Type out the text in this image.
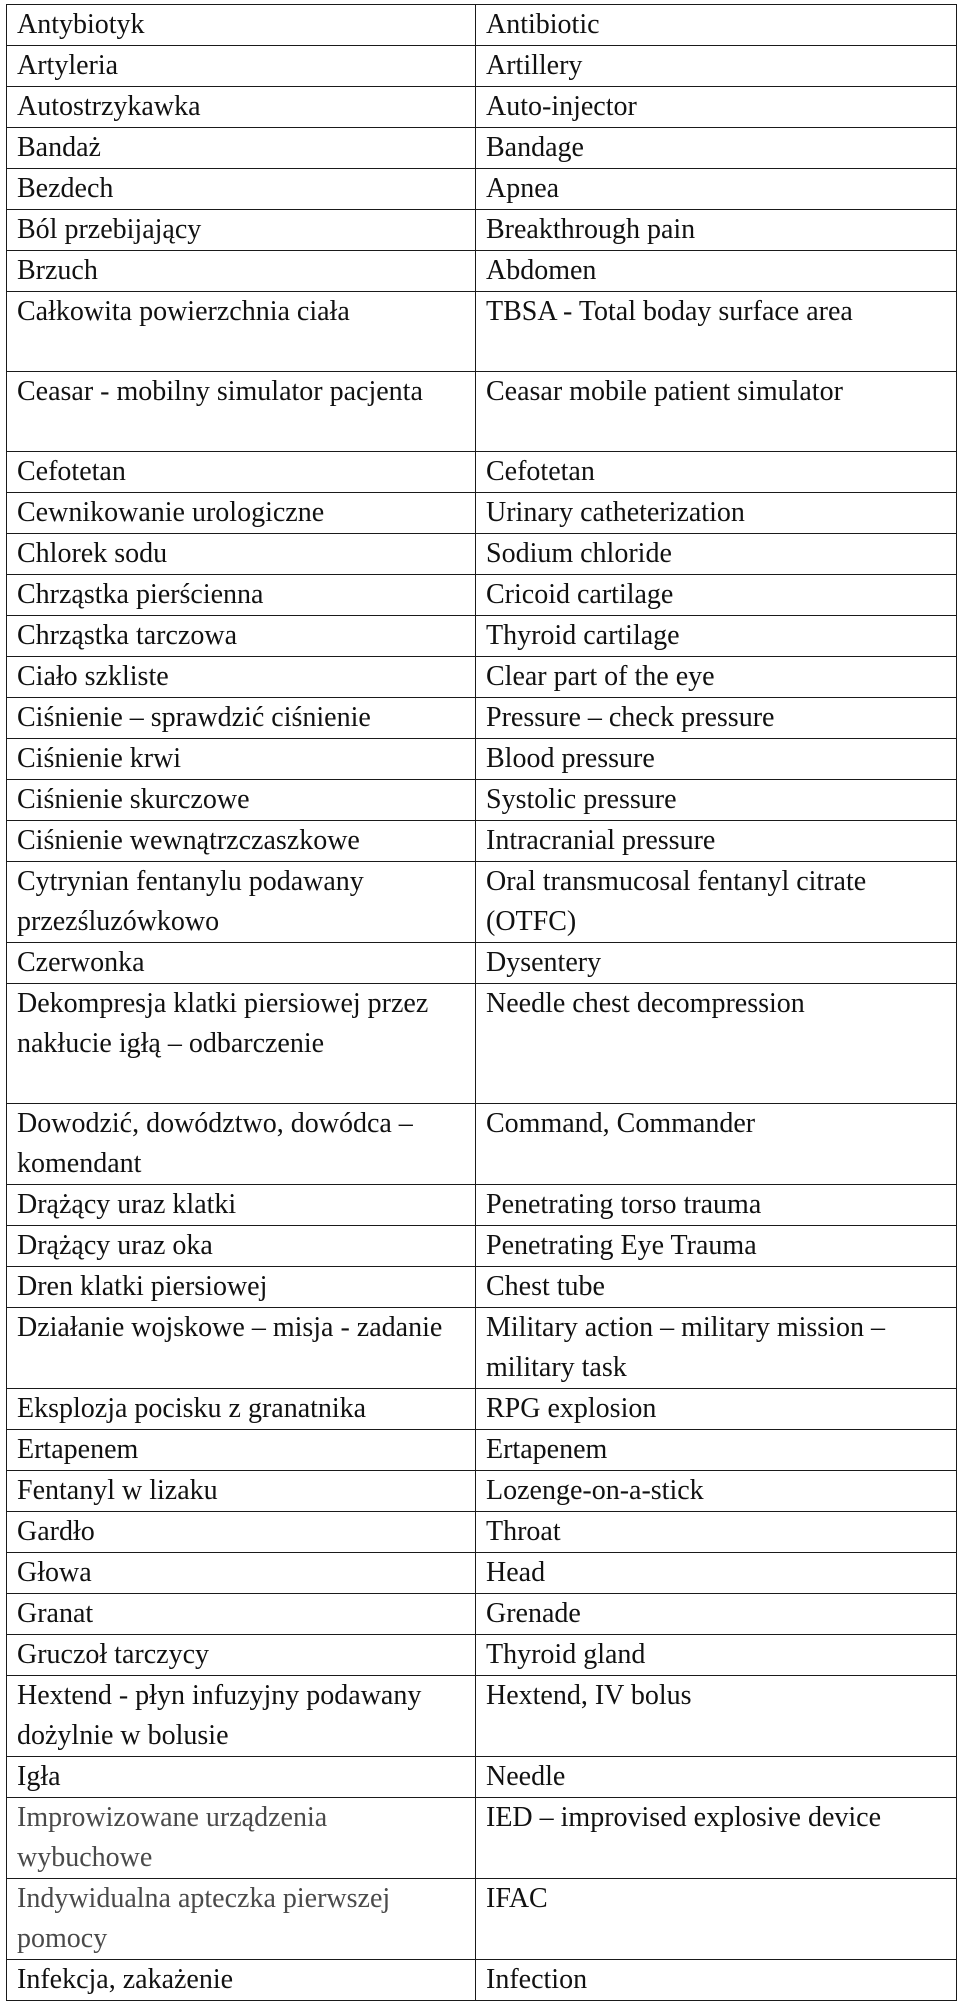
Antybiotyk	Antibiotic
Artyleria	Artillery
Autostrzykawka	Auto-injector
Bandaż	Bandage
Bezdech	Apnea
Ból przebijający	Breakthrough pain
Brzuch	Abdomen
Całkowita powierzchnia ciała	TBSA - Total boday surface area
Ceasar - mobilny simulator pacjenta	Ceasar mobile patient simulator
Cefotetan	Cefotetan
Cewnikowanie urologiczne	Urinary catheterization
Chlorek sodu	Sodium chloride
Chrząstka pierścienna	Cricoid cartilage
Chrząstka tarczowa	Thyroid cartilage
Ciało szkliste	Clear part of the eye
Ciśnienie – sprawdzić ciśnienie	Pressure – check pressure
Ciśnienie krwi	Blood pressure
Ciśnienie skurczowe	Systolic pressure
Ciśnienie wewnątrzczaszkowe	Intracranial pressure
Cytrynian fentanylu podawany przezśluzówkowo	Oral transmucosal fentanyl citrate (OTFC)
Czerwonka	Dysentery
Dekompresja klatki piersiowej przez nakłucie igłą – odbarczenie	Needle chest decompression
Dowodzić, dowództwo, dowódca – komendant	Command, Commander
Drążący uraz klatki	Penetrating torso trauma
Drążący uraz oka	Penetrating Eye Trauma
Dren klatki piersiowej	Chest tube
Działanie wojskowe – misja - zadanie	Military action – military mission – military task
Eksplozja pocisku z granatnika	RPG explosion
Ertapenem	Ertapenem
Fentanyl w lizaku	Lozenge-on-a-stick
Gardło	Throat
Głowa	Head
Granat	Grenade
Gruczoł tarczycy	Thyroid gland
Hextend - płyn infuzyjny podawany dożylnie w bolusie	Hextend, IV bolus
Igła	Needle
Improwizowane urządzenia wybuchowe	IED – improvised explosive device
Indywidualna apteczka pierwszej pomocy	IFAC
Infekcja, zakażenie	Infection
